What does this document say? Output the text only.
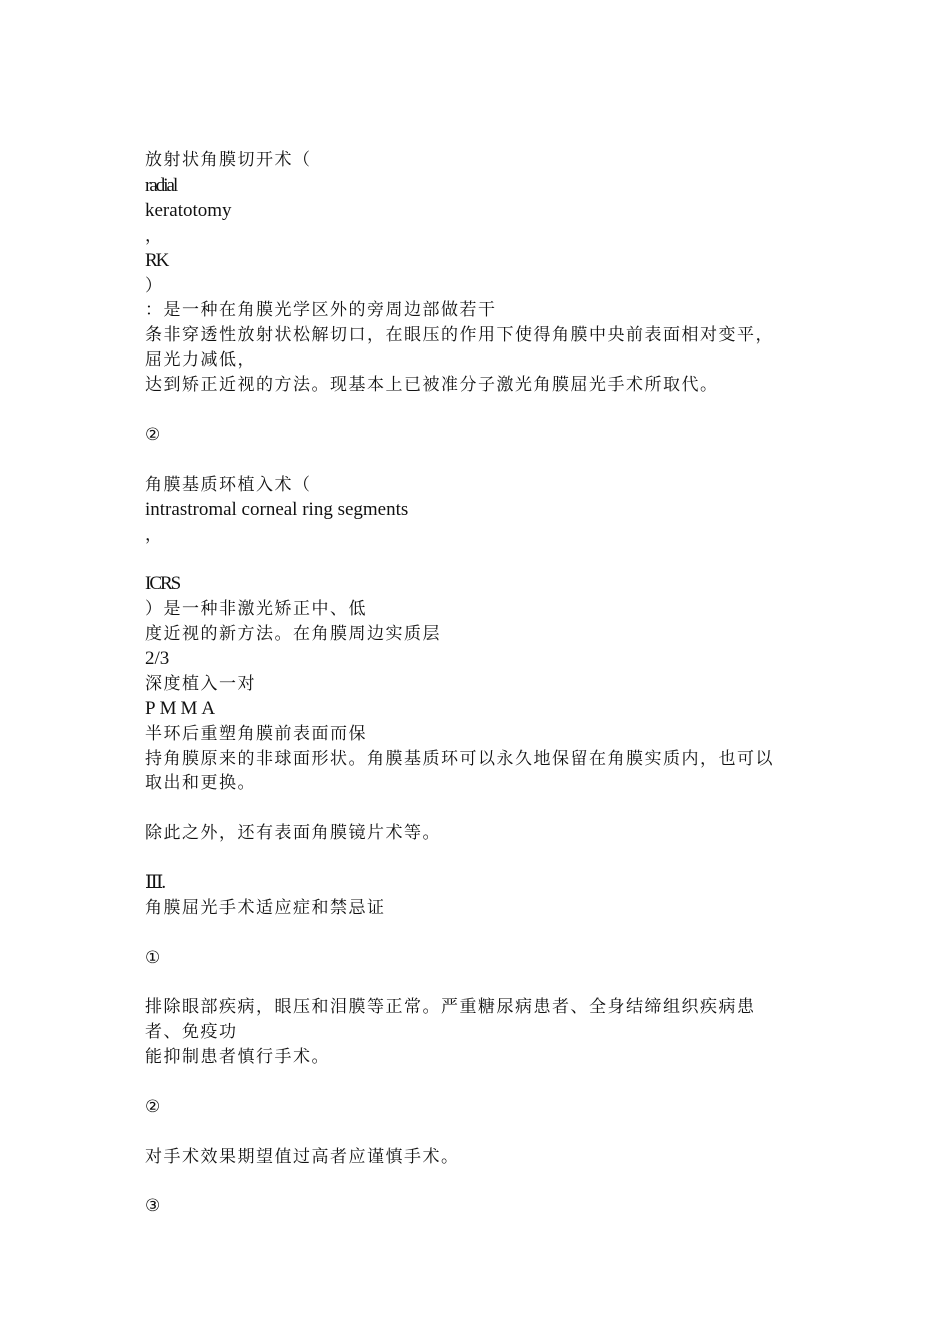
放射状角膜切开术（

radial

keratotomy

，

RK

）

：是一种在角膜光学区外的旁周边部做若干

条非穿透性放射状松解切口，在眼压的作用下使得角膜中央前表面相对变平，

屈光力减低，

达到矫正近视的方法。现基本上已被准分子激光角膜屈光手术所取代。

②

角膜基质环植入术（

intrastromal corneal ring segments

，

ICRS

）是一种非激光矫正中、低

度近视的新方法。在角膜周边实质层

2/3

深度植入一对

PMMA

半环后重塑角膜前表面而保

持角膜原来的非球面形状。角膜基质环可以永久地保留在角膜实质内，也可以

取出和更换。

除此之外，还有表面角膜镜片术等。

Ⅲ.

角膜屈光手术适应症和禁忌证

①

排除眼部疾病，眼压和泪膜等正常。严重糖尿病患者、全身结缔组织疾病患

者、免疫功

能抑制患者慎行手术。

②

对手术效果期望值过高者应谨慎手术。

③
